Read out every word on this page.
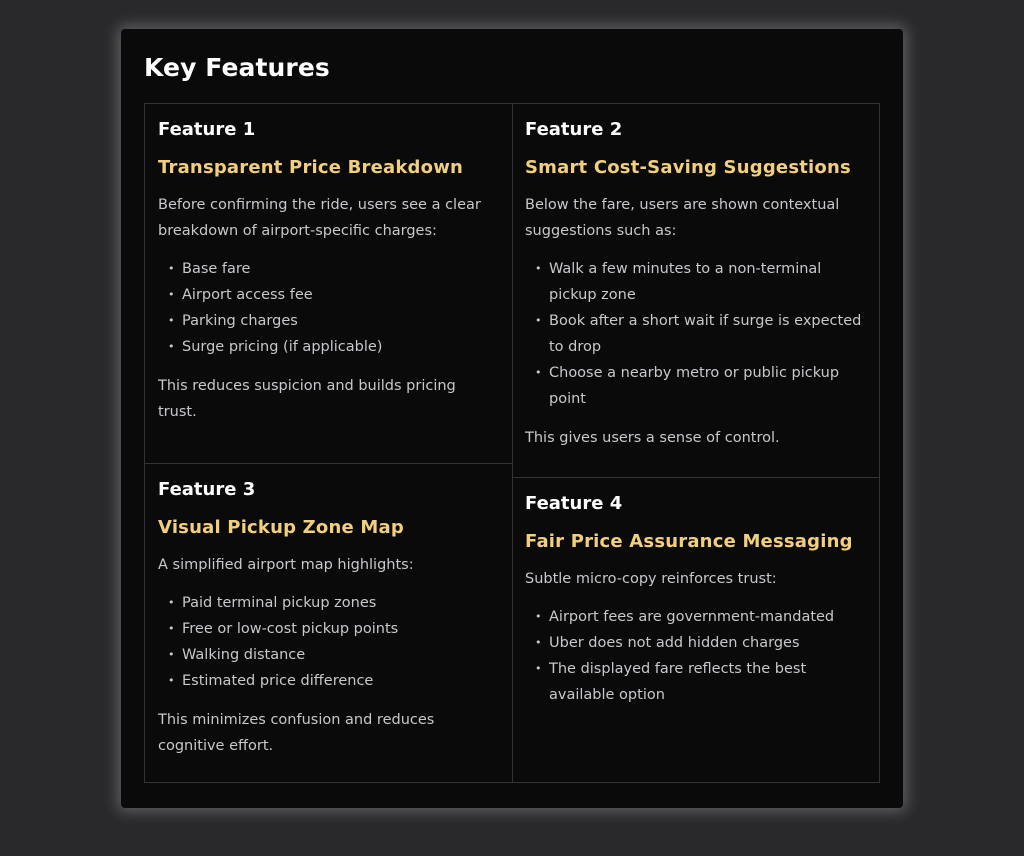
Key Features

Feature 1

Transparent Price Breakdown

Before confirming the ride, users see a clear breakdown of airport-specific charges:

• Base fare
• Airport access fee
• Parking charges
• Surge pricing (if applicable)

This reduces suspicion and builds pricing trust.

Feature 3

Visual Pickup Zone Map

A simplified airport map highlights:

• Paid terminal pickup zones
• Free or low-cost pickup points
• Walking distance
• Estimated price difference

This minimizes confusion and reduces cognitive effort.

Feature 2

Smart Cost-Saving Suggestions

Below the fare, users are shown contextual suggestions such as:

• Walk a few minutes to a non-terminal pickup zone
• Book after a short wait if surge is expected to drop
• Choose a nearby metro or public pickup point

This gives users a sense of control.

Feature 4

Fair Price Assurance Messaging

Subtle micro-copy reinforces trust:

• Airport fees are government-mandated
• Uber does not add hidden charges
• The displayed fare reflects the best available option
